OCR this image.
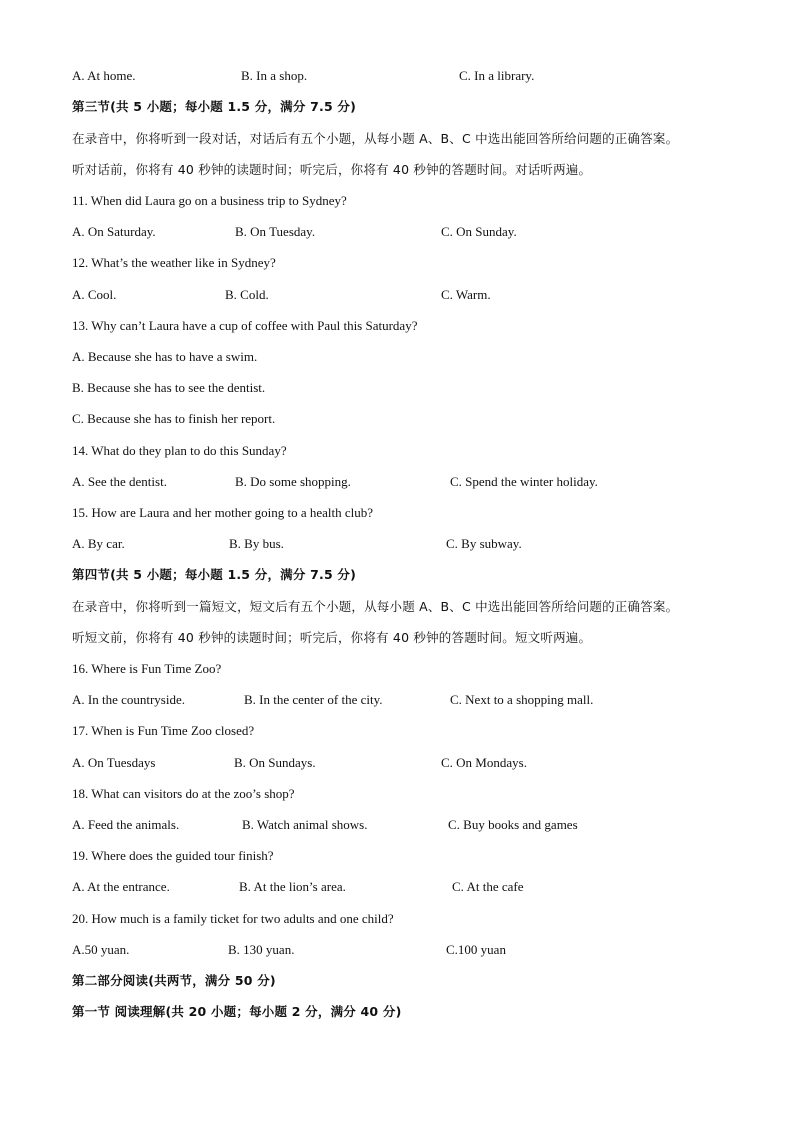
A. At home.	B. In a shop.	C. In a library.
第三节(共 5 小题；每小题 1.5 分，满分 7.5 分)
在录音中，你将听到一段对话，对话后有五个小题，从每小题 A、B、C 中选出能回答所给问题的正确答案。
听对话前，你将有 40 秒钟的读题时间；听完后，你将有 40 秒钟的答题时间。对话听两遍。
11. When did Laura go on a business trip to Sydney?
A. On Saturday.	B. On Tuesday.	C. On Sunday.
12. What’s the weather like in Sydney?
A. Cool.	B. Cold.	C. Warm.
13. Why can’t Laura have a cup of coffee with Paul this Saturday?
A. Because she has to have a swim.
B. Because she has to see the dentist.
C. Because she has to finish her report.
14. What do they plan to do this Sunday?
A. See the dentist.	B. Do some shopping.	C. Spend the winter holiday.
15. How are Laura and her mother going to a health club?
A. By car.	B. By bus.	C. By subway.
第四节(共 5 小题；每小题 1.5 分，满分 7.5 分)
在录音中，你将听到一篇短文，短文后有五个小题，从每小题 A、B、C 中选出能回答所给问题的正确答案。
听短文前，你将有 40 秒钟的读题时间；听完后，你将有 40 秒钟的答题时间。短文听两遍。
16. Where is Fun Time Zoo?
A. In the countryside.	B. In the center of the city.	C. Next to a shopping mall.
17. When is Fun Time Zoo closed?
A. On Tuesdays	B. On Sundays.	C. On Mondays.
18. What can visitors do at the zoo’s shop?
A. Feed the animals.	B. Watch animal shows.	C. Buy books and games
19. Where does the guided tour finish?
A. At the entrance.	B. At the lion’s area.	C. At the cafe
20. How much is a family ticket for two adults and one child?
A.50 yuan.	B. 130 yuan.	C.100 yuan
第二部分阅读(共两节，满分 50 分)
第一节 阅读理解(共 20 小题；每小题 2 分，满分 40 分)
